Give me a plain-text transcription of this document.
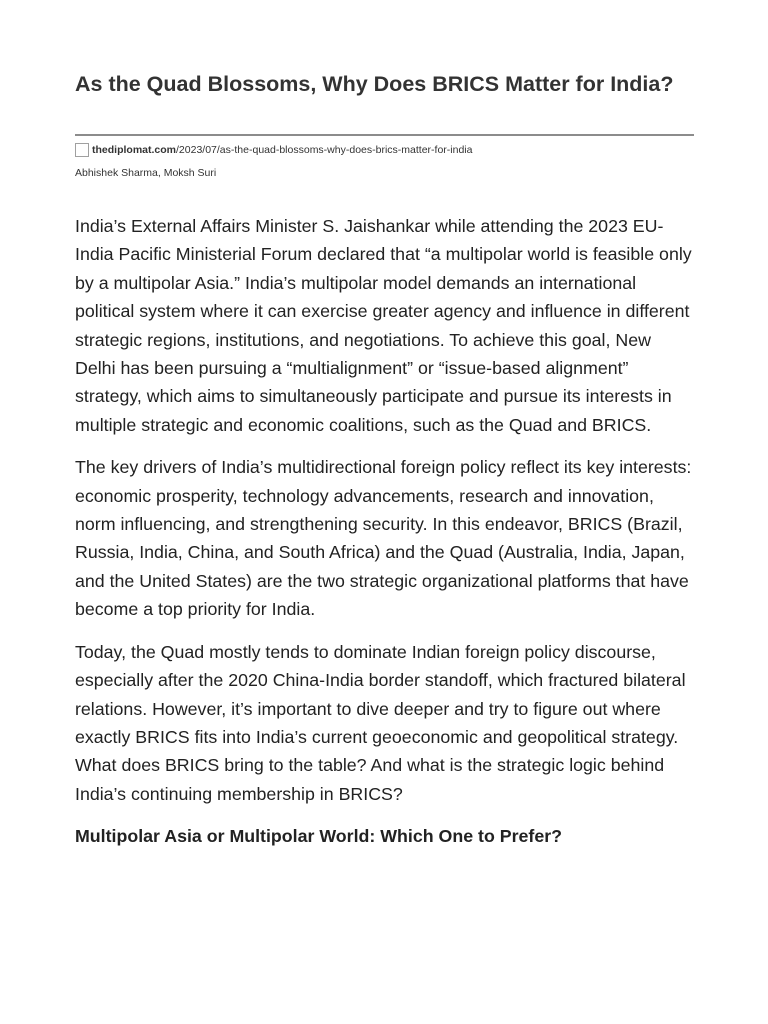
As the Quad Blossoms, Why Does BRICS Matter for India?
thediplomat.com/2023/07/as-the-quad-blossoms-why-does-brics-matter-for-india
Abhishek Sharma, Moksh Suri

India’s External Affairs Minister S. Jaishankar while attending the 2023 EU-India Pacific Ministerial Forum declared that “a multipolar world is feasible only by a multipolar Asia.” India’s multipolar model demands an international political system where it can exercise greater agency and influence in different strategic regions, institutions, and negotiations. To achieve this goal, New Delhi has been pursuing a “multialignment” or “issue-based alignment” strategy, which aims to simultaneously participate and pursue its interests in multiple strategic and economic coalitions, such as the Quad and BRICS.

The key drivers of India’s multidirectional foreign policy reflect its key interests: economic prosperity, technology advancements, research and innovation, norm influencing, and strengthening security. In this endeavor, BRICS (Brazil, Russia, India, China, and South Africa) and the Quad (Australia, India, Japan, and the United States) are the two strategic organizational platforms that have become a top priority for India.

Today, the Quad mostly tends to dominate Indian foreign policy discourse, especially after the 2020 China-India border standoff, which fractured bilateral relations. However, it’s important to dive deeper and try to figure out where exactly BRICS fits into India’s current geoeconomic and geopolitical strategy. What does BRICS bring to the table? And what is the strategic logic behind India’s continuing membership in BRICS?

Multipolar Asia or Multipolar World: Which One to Prefer?
